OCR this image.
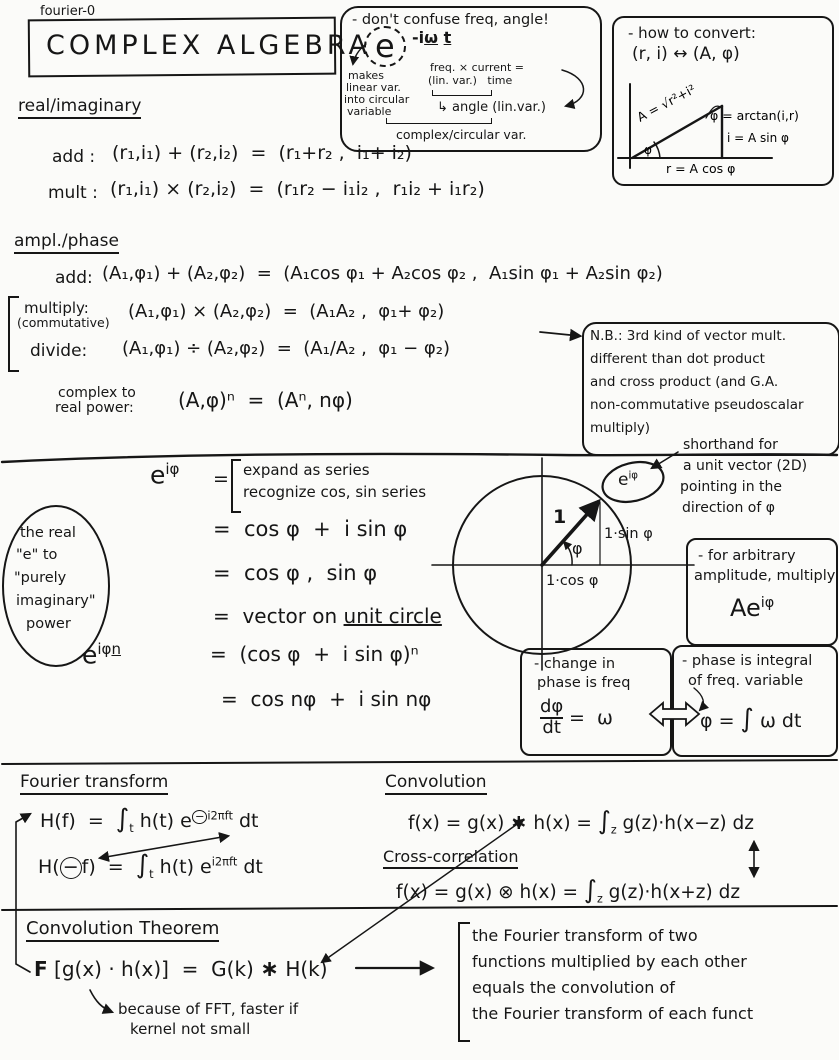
fourier-0
COMPLEX ALGEBRA
- don't confuse freq, angle!
e	-iω t
makes
linear var.
into circular
variable
freq. × current =
(lin. var.)   time
↳ angle (lin.var.)
complex/circular var.
- how to convert:
(r, i) ↔ (A, φ)
A = √r²+i² φ = arctan(i,r)
i = A sin φ
r = A cos φ
φ
real/imaginary
add : (r₁,i₁) + (r₂,i₂)  =  (r₁+r₂ ,  i₁+ i₂)
mult : (r₁,i₁) × (r₂,i₂)  =  (r₁r₂ − i₁i₂ ,  r₁i₂ + i₁r₂)
ampl./phase
add: (A₁,φ₁) + (A₂,φ₂)  =  (A₁cos φ₁ + A₂cos φ₂ ,  A₁sin φ₁ + A₂sin φ₂)
multiply:
(commutative)
(A₁,φ₁) × (A₂,φ₂)  =  (A₁A₂ ,  φ₁+ φ₂)
divide: (A₁,φ₁) ÷ (A₂,φ₂)  =  (A₁/A₂ ,  φ₁ − φ₂)
complex to
real power: (A,φ)ⁿ  =  (Aⁿ, nφ)
N.B.: 3rd kind of vector mult.
different than dot product
and cross product (and G.A.
non-commutative pseudoscalar
multiply)
shorthand for
a unit vector (2D)
pointing in the
direction of φ
$e^{i\varphi}$ = expand as series
recognize cos, sin series
=  cos φ  +  i sin φ
=  cos φ ,  sin φ
=  vector on unit circle
$e^{i\varphi n}$	=  (cos φ  +  i sin φ)ⁿ
=  cos nφ  +  i sin nφ
the real
"e" to
"purely
imaginary"
power
1
φ
1·sin φ
1·cos φ
$e^{i\varphi}$
- for arbitrary
amplitude, multiply
$Ae^{i\varphi}$
- change in
phase is freq
$\frac{d\varphi}{dt} = \omega$
- phase is integral
of freq. variable
φ = ∫ ω dt
Fourier transform
$H(f) = \int_t$ h(t) e − $^{i2\pi ft}$ dt
$H( - f) = \int_t$ h(t) $e^{i2\pi ft}$ dt
Convolution
f(x) = g(x) ∗ $h(x) = \int_z$ g(z)·h(x−z) dz
Cross-correlation
f(x) = g(x) ⊗ $h(x) = \int_z$ g(z)·h(x+z) dz
Convolution Theorem
F [g(x) · h(x)]  =  G(k) ∗ H(k)
because of FFT, faster if
kernel not small
the Fourier transform of two
functions multiplied by each other
equals the convolution of
the Fourier transform of each funct
